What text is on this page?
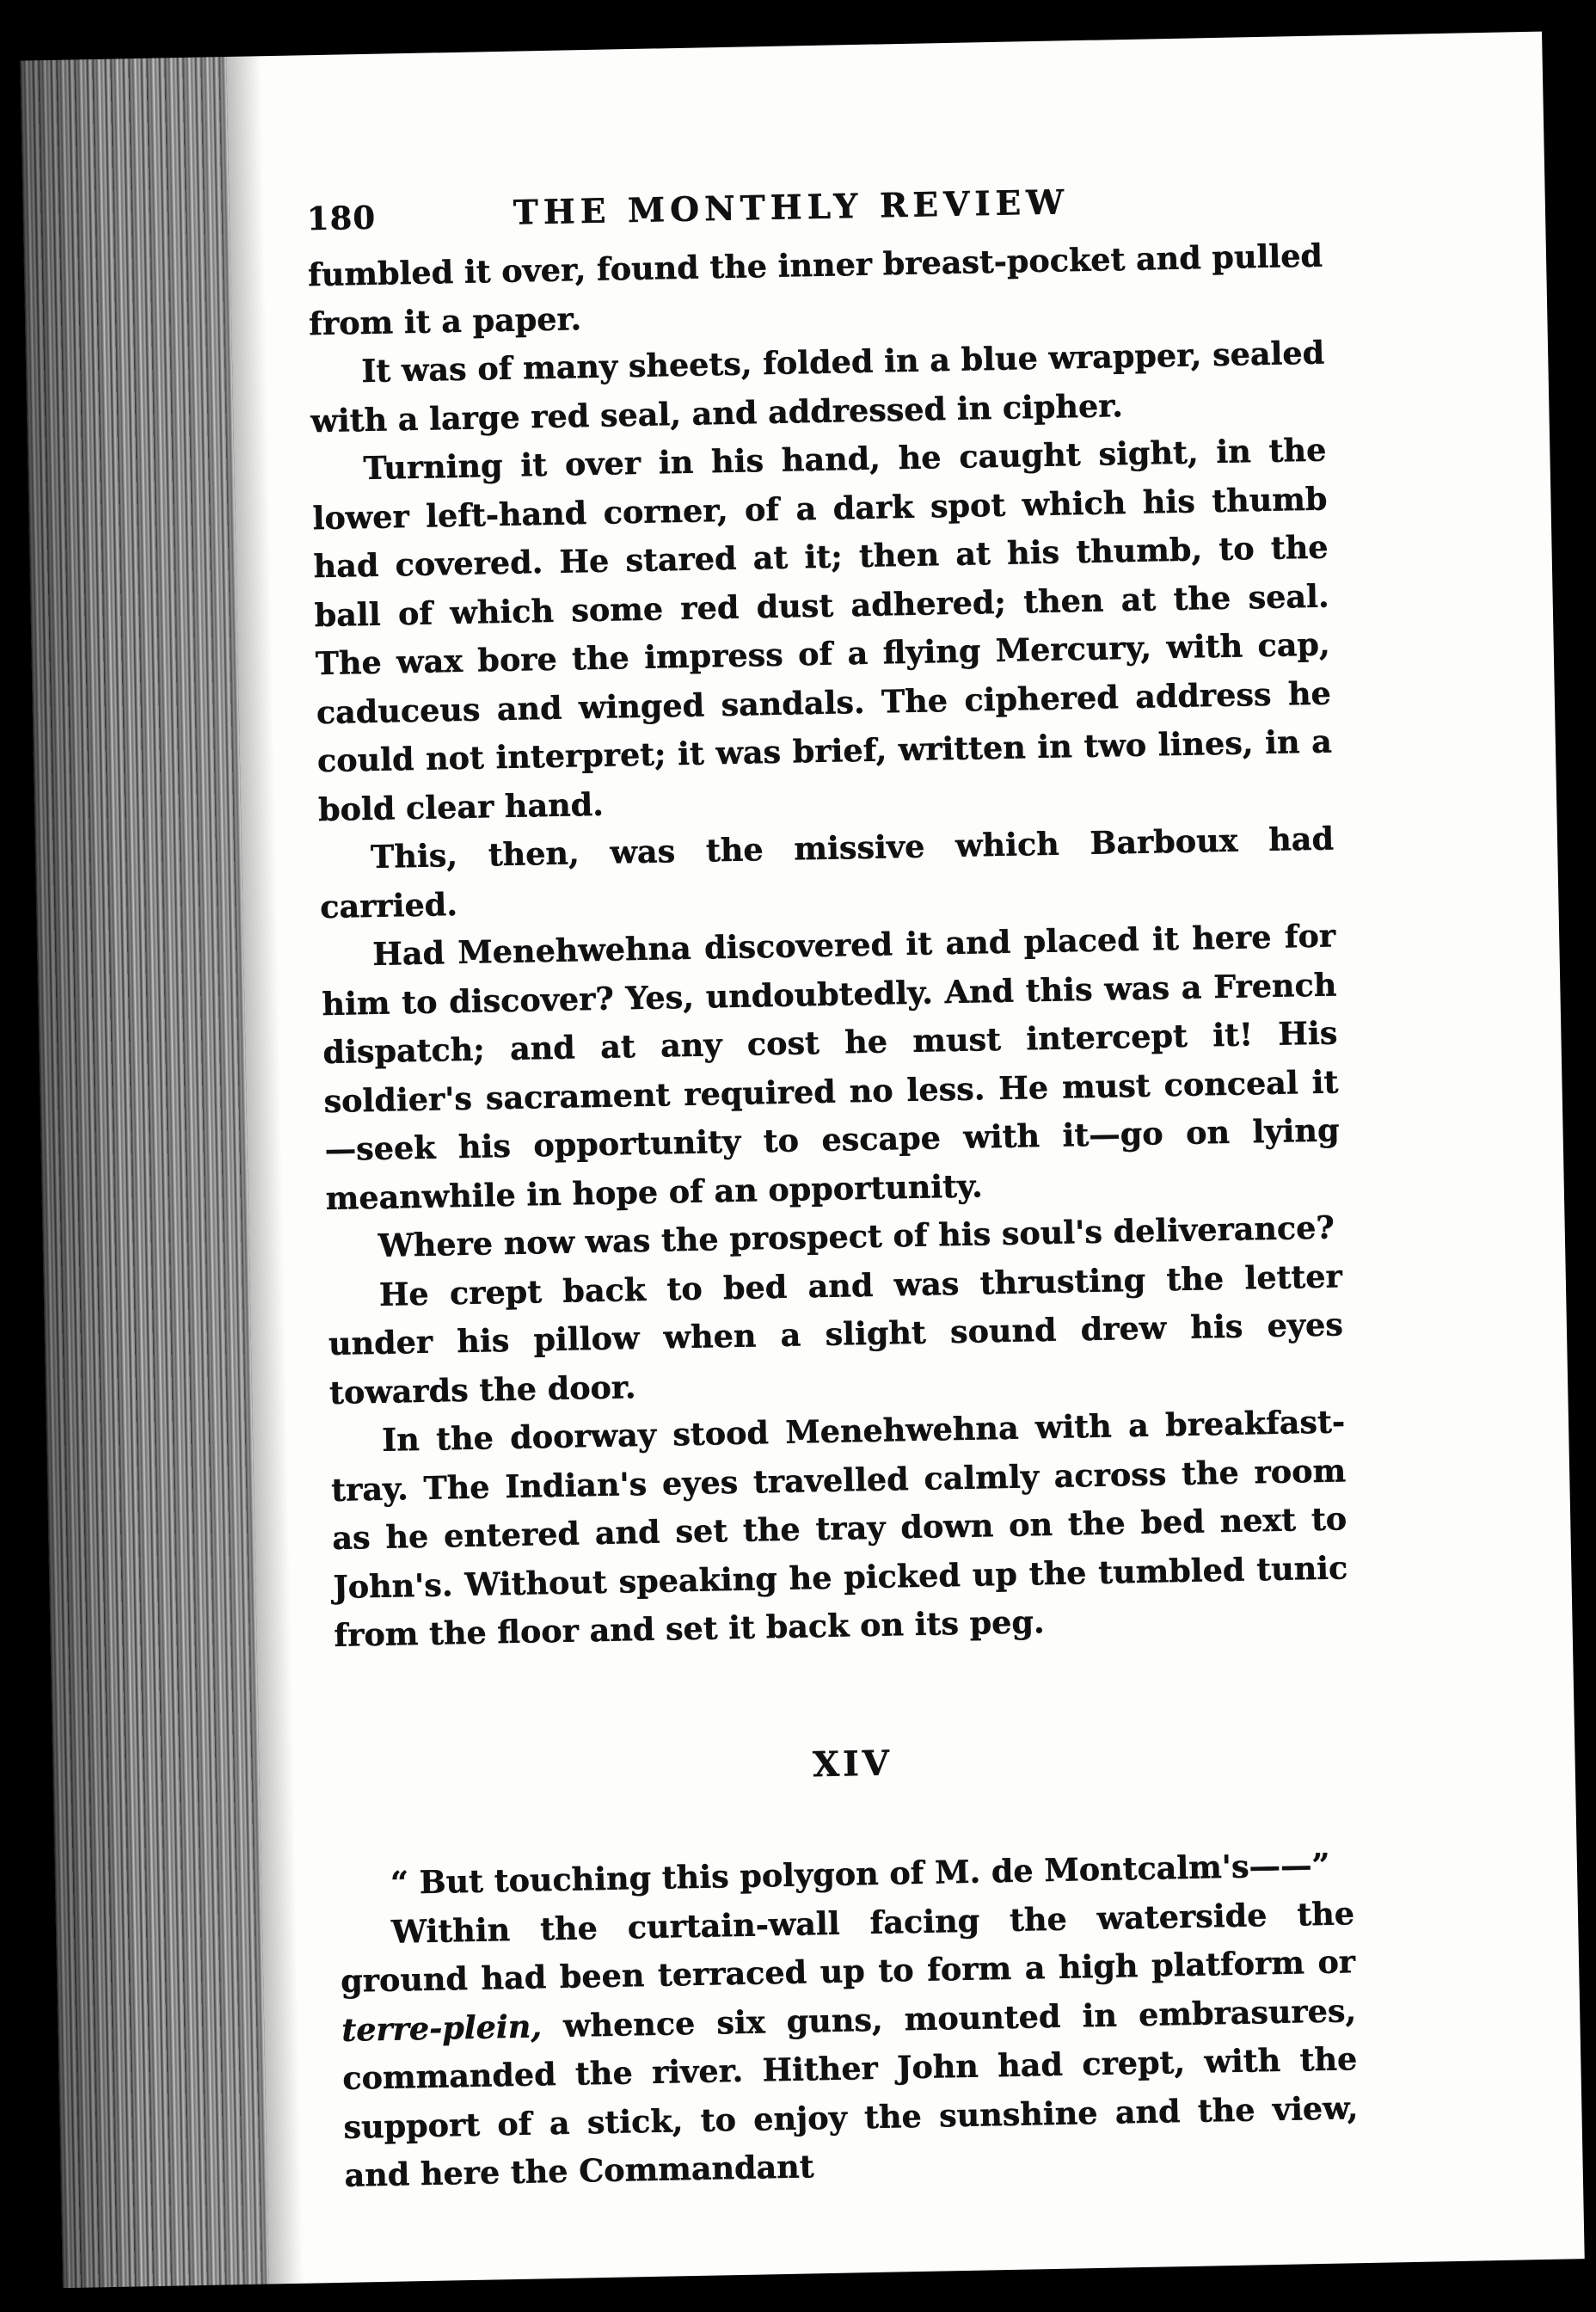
180	THE MONTHLY REVIEW

fumbled it over, found the inner breast-pocket and pulled from it a paper.

It was of many sheets, folded in a blue wrapper, sealed with a large red seal, and addressed in cipher.

Turning it over in his hand, he caught sight, in the lower left-hand corner, of a dark spot which his thumb had covered. He stared at it; then at his thumb, to the ball of which some red dust adhered; then at the seal. The wax bore the impress of a flying Mercury, with cap, caduceus and winged sandals. The ciphered address he could not interpret; it was brief, written in two lines, in a bold clear hand.

This, then, was the missive which Barboux had carried.

Had Menehwehna discovered it and placed it here for him to discover? Yes, undoubtedly. And this was a French dispatch; and at any cost he must intercept it! His soldier's sacrament required no less. He must conceal it—seek his opportunity to escape with it—go on lying meanwhile in hope of an opportunity.

Where now was the prospect of his soul's deliverance?

He crept back to bed and was thrusting the letter under his pillow when a slight sound drew his eyes towards the door.

In the doorway stood Menehwehna with a breakfast-tray. The Indian's eyes travelled calmly across the room as he entered and set the tray down on the bed next to John's. Without speaking he picked up the tumbled tunic from the floor and set it back on its peg.

XIV

“ But touching this polygon of M. de Montcalm's——”

Within the curtain-wall facing the waterside the ground had been terraced up to form a high platform or terre-plein, whence six guns, mounted in embrasures, commanded the river. Hither John had crept, with the support of a stick, to enjoy the sunshine and the view, and here the Commandant
